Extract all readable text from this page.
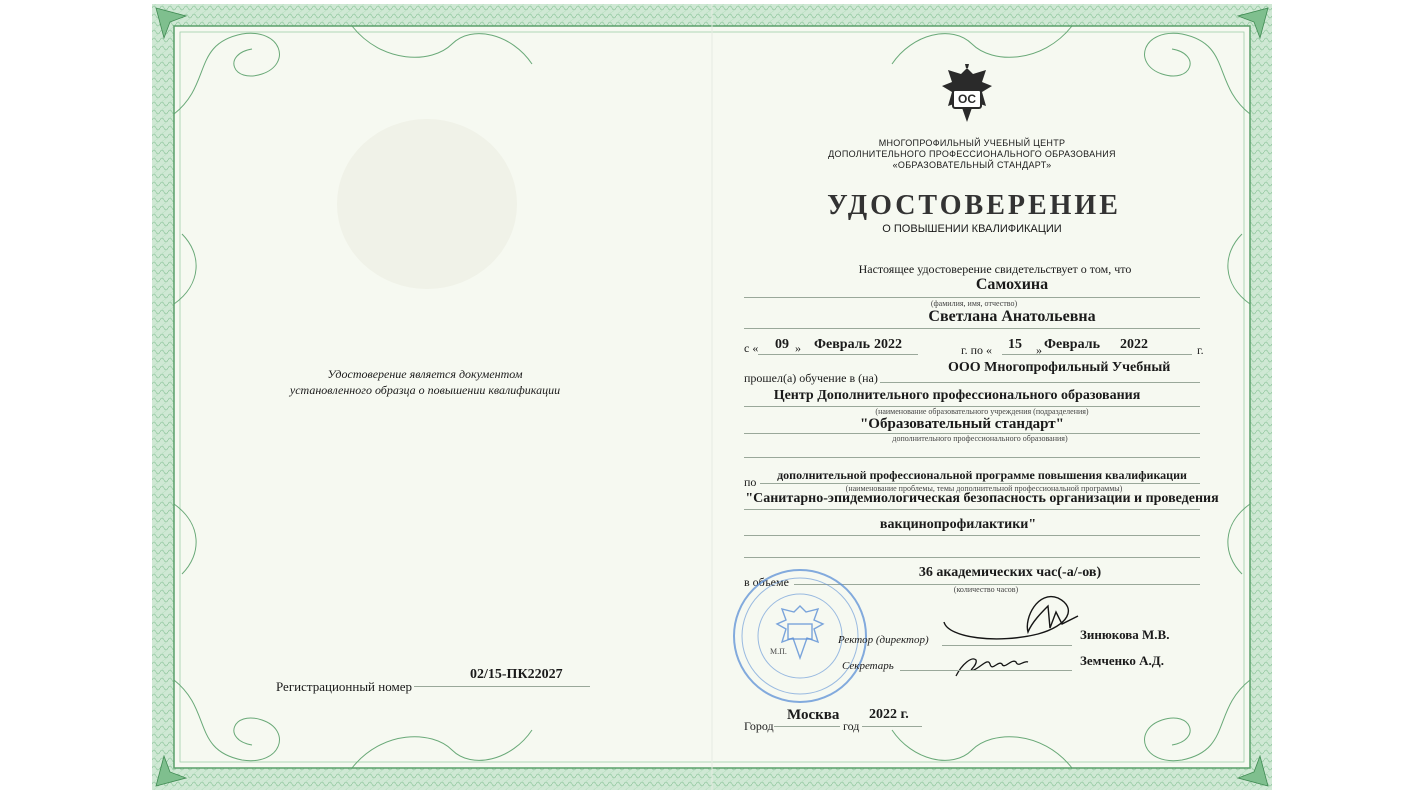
Удостоверение является документом
установленного образца о повышении квалификации
Регистрационный номер
02/15-ПК22027
ОС
МНОГОПРОФИЛЬНЫЙ УЧЕБНЫЙ ЦЕНТР
ДОПОЛНИТЕЛЬНОГО ПРОФЕССИОНАЛЬНОГО ОБРАЗОВАНИЯ
«ОБРАЗОВАТЕЛЬНЫЙ СТАНДАРТ»
УДОСТОВЕРЕНИЕ
О ПОВЫШЕНИИ КВАЛИФИКАЦИИ
Настоящее удостоверение свидетельствует о том, что
Самохина
(фамилия, имя, отчество)
Светлана Анатольевна
с « 09 » Февраль 2022	г. по « 15 » Февраль 2022	г.
прошел(а) обучение в (на)
ООО Многопрофильный Учебный
Центр Дополнительного профессионального образования
(наименование образовательного учреждения (подразделения)
"Образовательный стандарт"
дополнительного профессионального образования)
по дополнительной профессиональной программе повышения квалификации
(наименование проблемы, темы дополнительной профессиональной программы)
"Санитарно-эпидемиологическая безопасность организации и проведения
вакцинопрофилактики"
в объеме
36 академических час(-а/-ов)
(количество часов)
М.П.
Ректор (директор)	Зинюкова М.В.
Секретарь	Земченко А.Д.
Город
Москва
год
2022 г.
